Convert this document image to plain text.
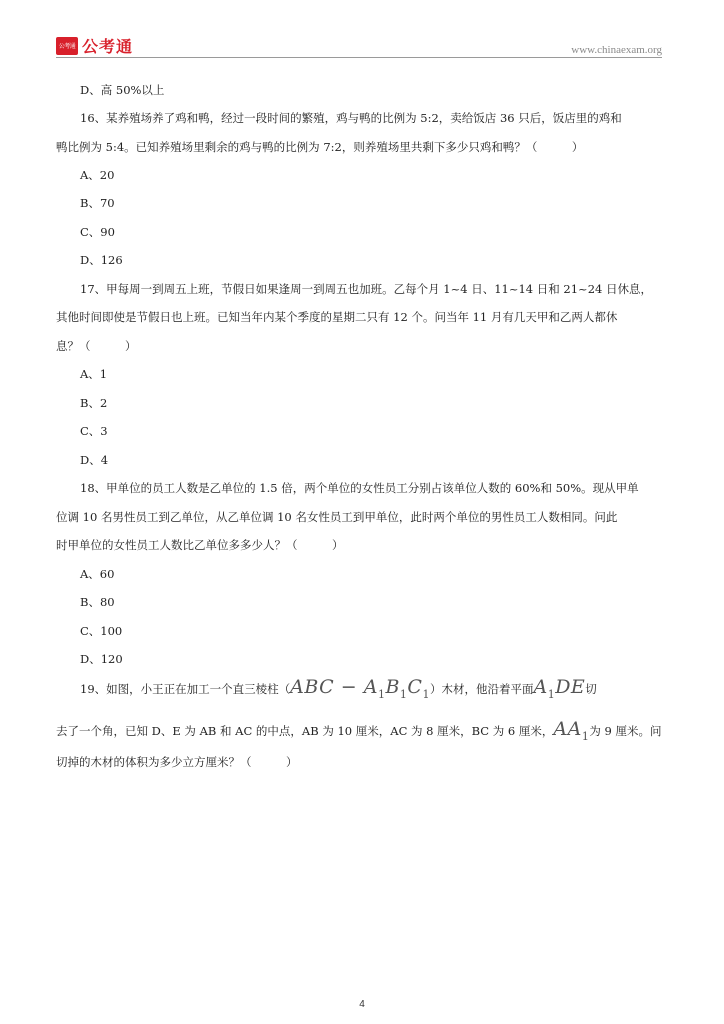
公考通 公考通	www.chinaexam.org
D、高 50%以上
16、某养殖场养了鸡和鸭，经过一段时间的繁殖，鸡与鸭的比例为 5:2，卖给饭店 36 只后，饭店里的鸡和
鸭比例为 5:4。已知养殖场里剩余的鸡与鸭的比例为 7:2，则养殖场里共剩下多少只鸡和鸭？（　　　）
A、20
B、70
C、90
D、126
17、甲每周一到周五上班，节假日如果逢周一到周五也加班。乙每个月 1~4 日、11~14 日和 21~24 日休息，
其他时间即使是节假日也上班。已知当年内某个季度的星期二只有 12 个。问当年 11 月有几天甲和乙两人都休
息？（　　　）
A、1
B、2
C、3
D、4
18、甲单位的员工人数是乙单位的 1.5 倍，两个单位的女性员工分别占该单位人数的 60%和 50%。现从甲单
位调 10 名男性员工到乙单位，从乙单位调 10 名女性员工到甲单位，此时两个单位的男性员工人数相同。问此
时甲单位的女性员工人数比乙单位多多少人？（　　　）
A、60
B、80
C、100
D、120
19、如图，小王正在加工一个直三棱柱$(ABC - A_1B_1C_1)$木材，他沿着平面$A_1DE$切
去了一个角，已知 D、E 为 AB 和 AC 的中点，AB 为 10 厘米，AC 为 8 厘米，BC 为 6 厘米，$AA_1$为 9 厘米。问
切掉的木材的体积为多少立方厘米？（　　　）
4
